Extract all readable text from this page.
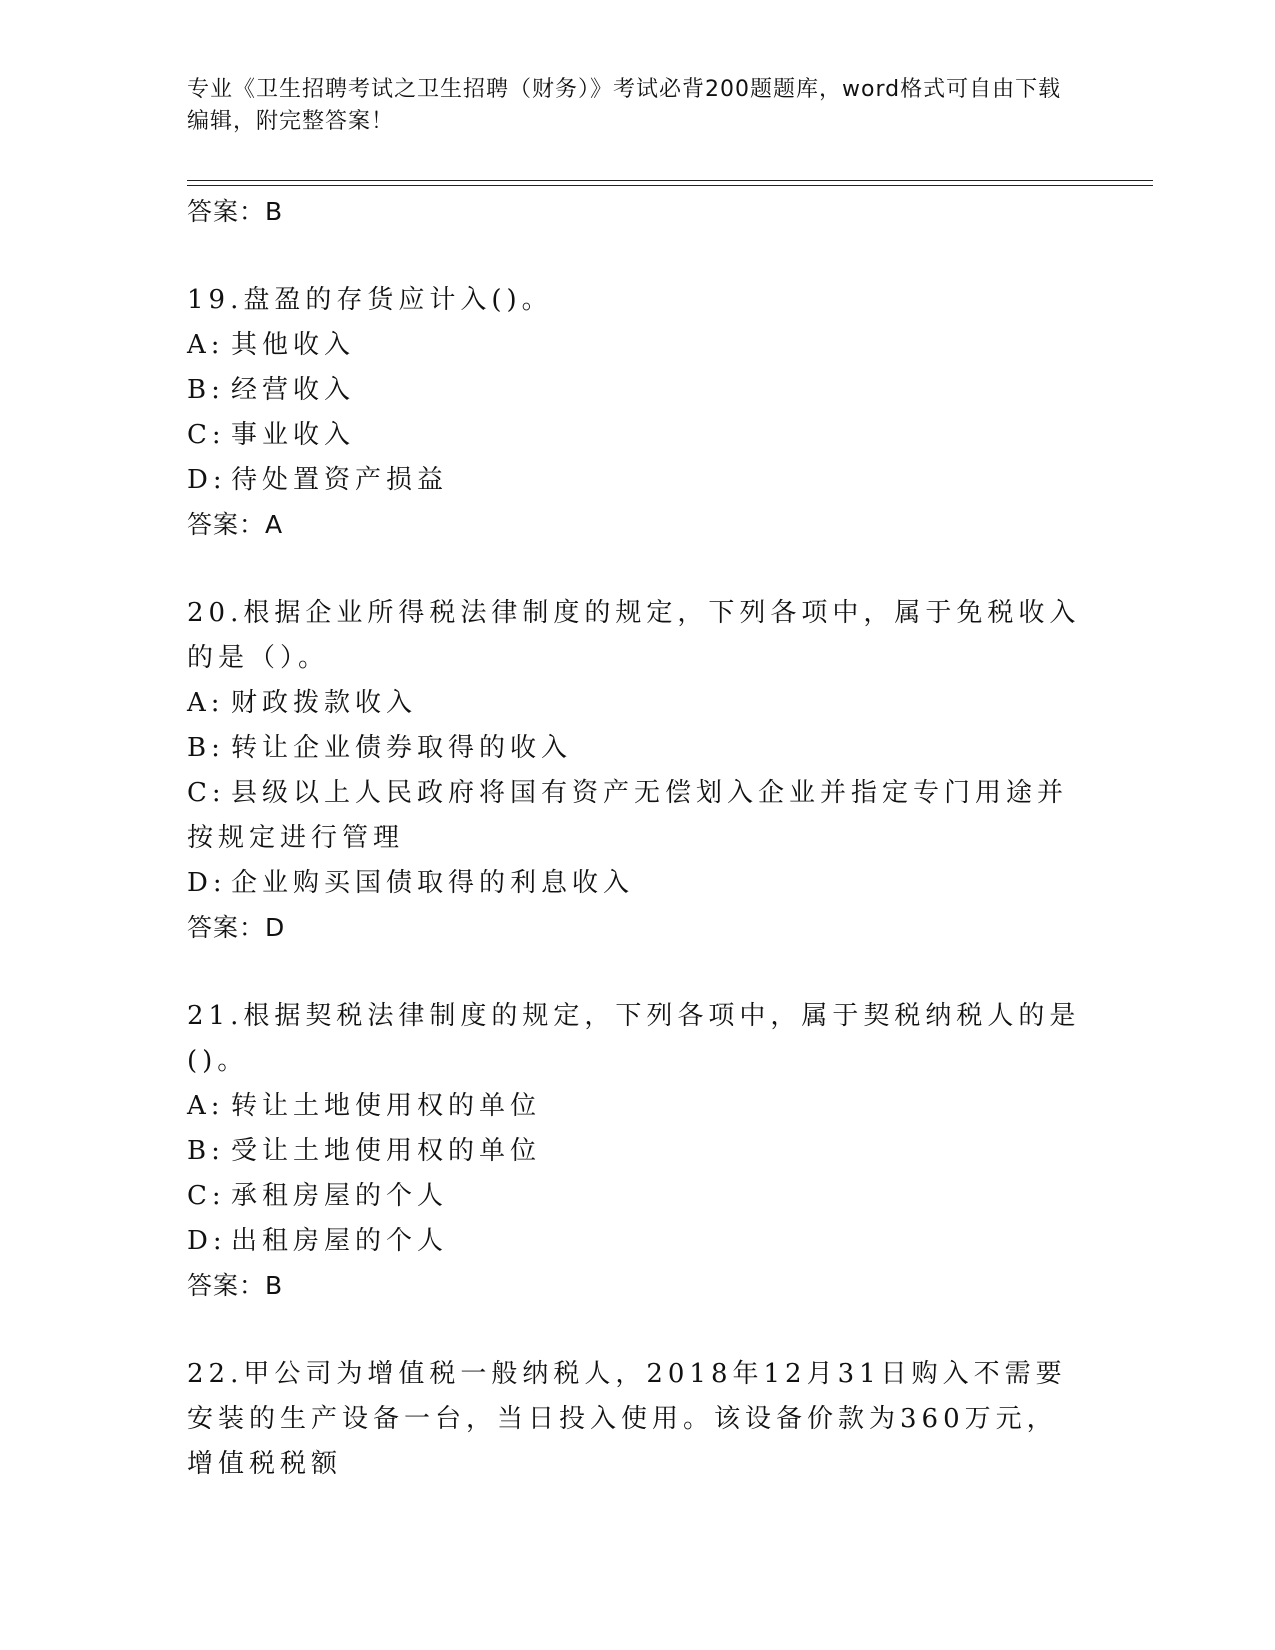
专业《卫生招聘考试之卫生招聘（财务）》考试必背200题题库，word格式可自由下载编辑，附完整答案！
答案：B
19.盘盈的存货应计入()。
A: 其他收入
B: 经营收入
C: 事业收入
D: 待处置资产损益
答案：A
20.根据企业所得税法律制度的规定，下列各项中，属于免税收入的是（）。
A: 财政拨款收入
B: 转让企业债券取得的收入
C: 县级以上人民政府将国有资产无偿划入企业并指定专门用途并按规定进行管理
D: 企业购买国债取得的利息收入
答案：D
21.根据契税法律制度的规定，下列各项中，属于契税纳税人的是()。
A: 转让土地使用权的单位
B: 受让土地使用权的单位
C: 承租房屋的个人
D: 出租房屋的个人
答案：B
22.甲公司为增值税一般纳税人，2018年12月31日购入不需要安装的生产设备一台，当日投入使用。该设备价款为360万元，增值税税额
